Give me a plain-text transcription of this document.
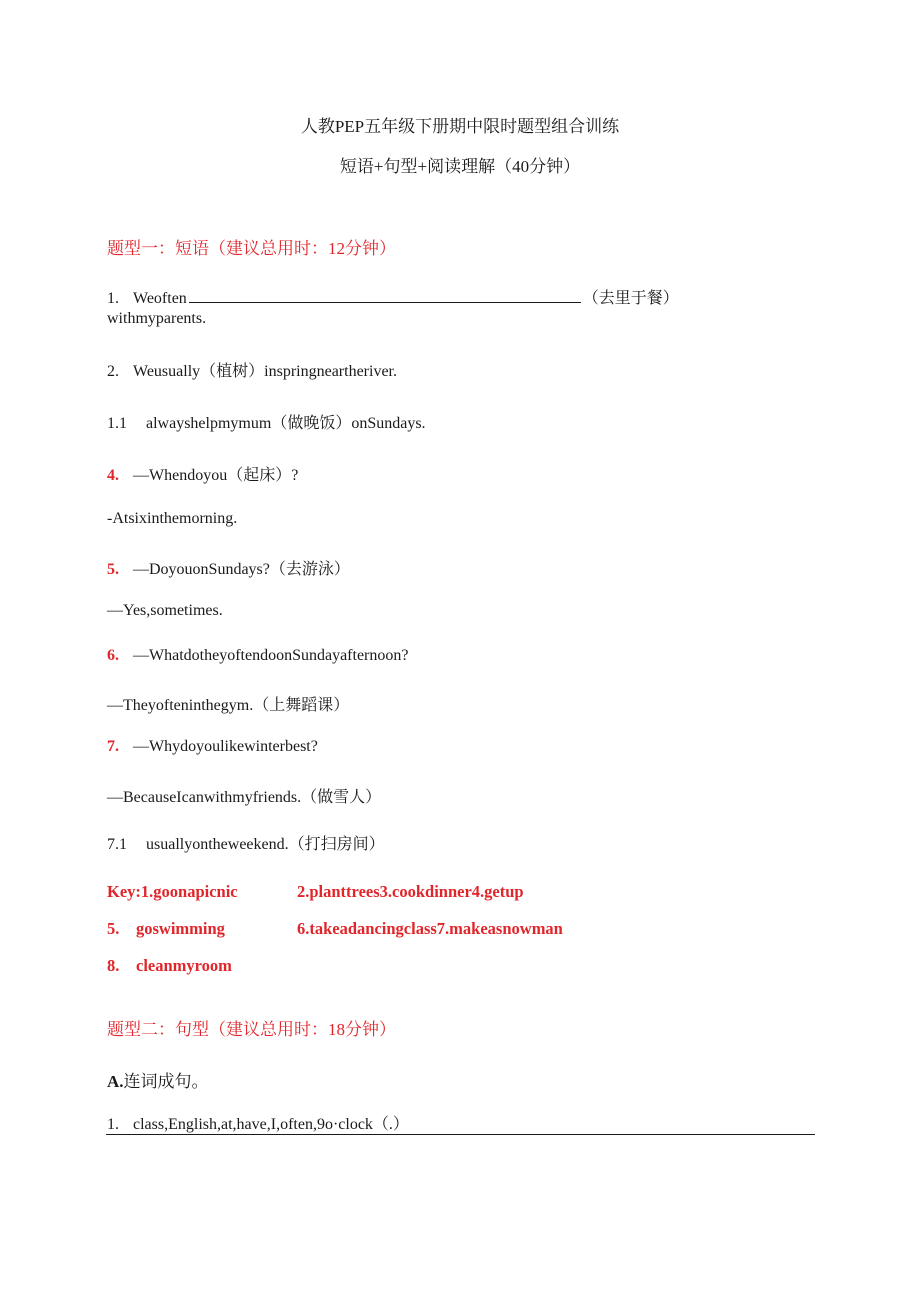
人教PEP五年级下册期中限时题型组合训练
短语+句型+阅读理解（40分钟）
题型一：短语（建议总用时：12分钟）
1. Weoften	（去里于餐）
withmyparents.
2. Weusually（植树）inspringneartheriver.
1.1 alwayshelpmymum（做晚饭）onSundays.
4. —Whendoyou（起床）?
-Atsixinthemorning.
5. —DoyouonSundays?（去游泳）
—Yes,sometimes.
6. —WhatdotheyoftendoonSundayafternoon?
—Theyofteninthegym.（上舞蹈课）
7. —Whydoyoulikewinterbest?
—BecauseIcanwithmyfriends.（做雪人）
7.1 usuallyontheweekend.（打扫房间）
Key:1.goonapicnic	2.planttrees3.cookdinner4.getup
5. goswimming	6.takeadancingclass7.makeasnowman
8. cleanmyroom
题型二：句型（建议总用时：18分钟）
A.连词成句。
1. class,English,at,have,I,often,9o·clock（.）
